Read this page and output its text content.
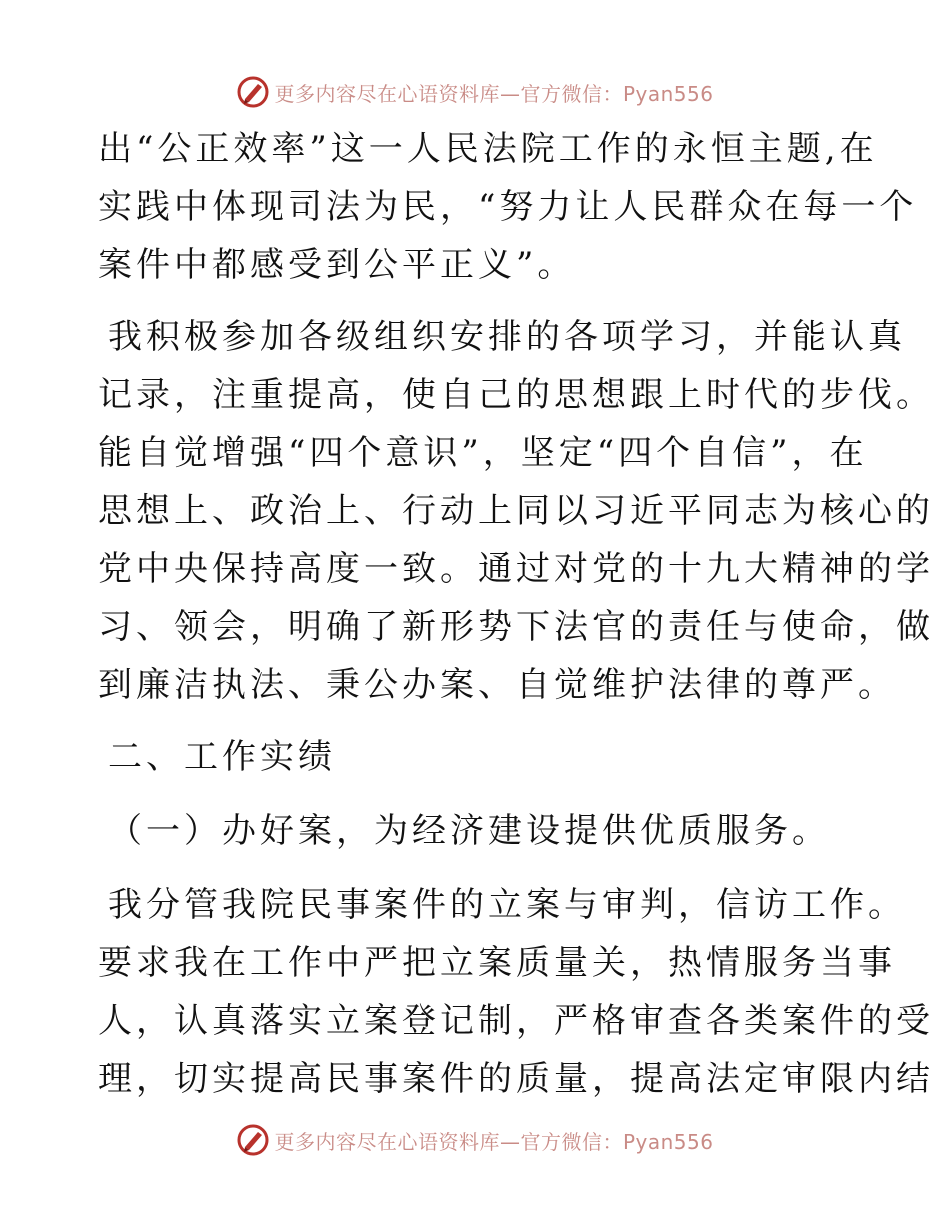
更多内容尽在心语资料库—官方微信：Pyan556
出“公正效率”这一人民法院工作的永恒主题,在
实践中体现司法为民，“努力让人民群众在每一个
案件中都感受到公平正义”。
我积极参加各级组织安排的各项学习，并能认真
记录，注重提高，使自己的思想跟上时代的步伐。
能自觉增强“四个意识”，坚定“四个自信”，在
思想上、政治上、行动上同以习近平同志为核心的
党中央保持高度一致。通过对党的十九大精神的学
习、领会，明确了新形势下法官的责任与使命，做
到廉洁执法、秉公办案、自觉维护法律的尊严。
二、工作实绩
（一）办好案，为经济建设提供优质服务。
我分管我院民事案件的立案与审判，信访工作。
要求我在工作中严把立案质量关，热情服务当事
人，认真落实立案登记制，严格审查各类案件的受
理，切实提高民事案件的质量，提高法定审限内结
更多内容尽在心语资料库—官方微信：Pyan556
